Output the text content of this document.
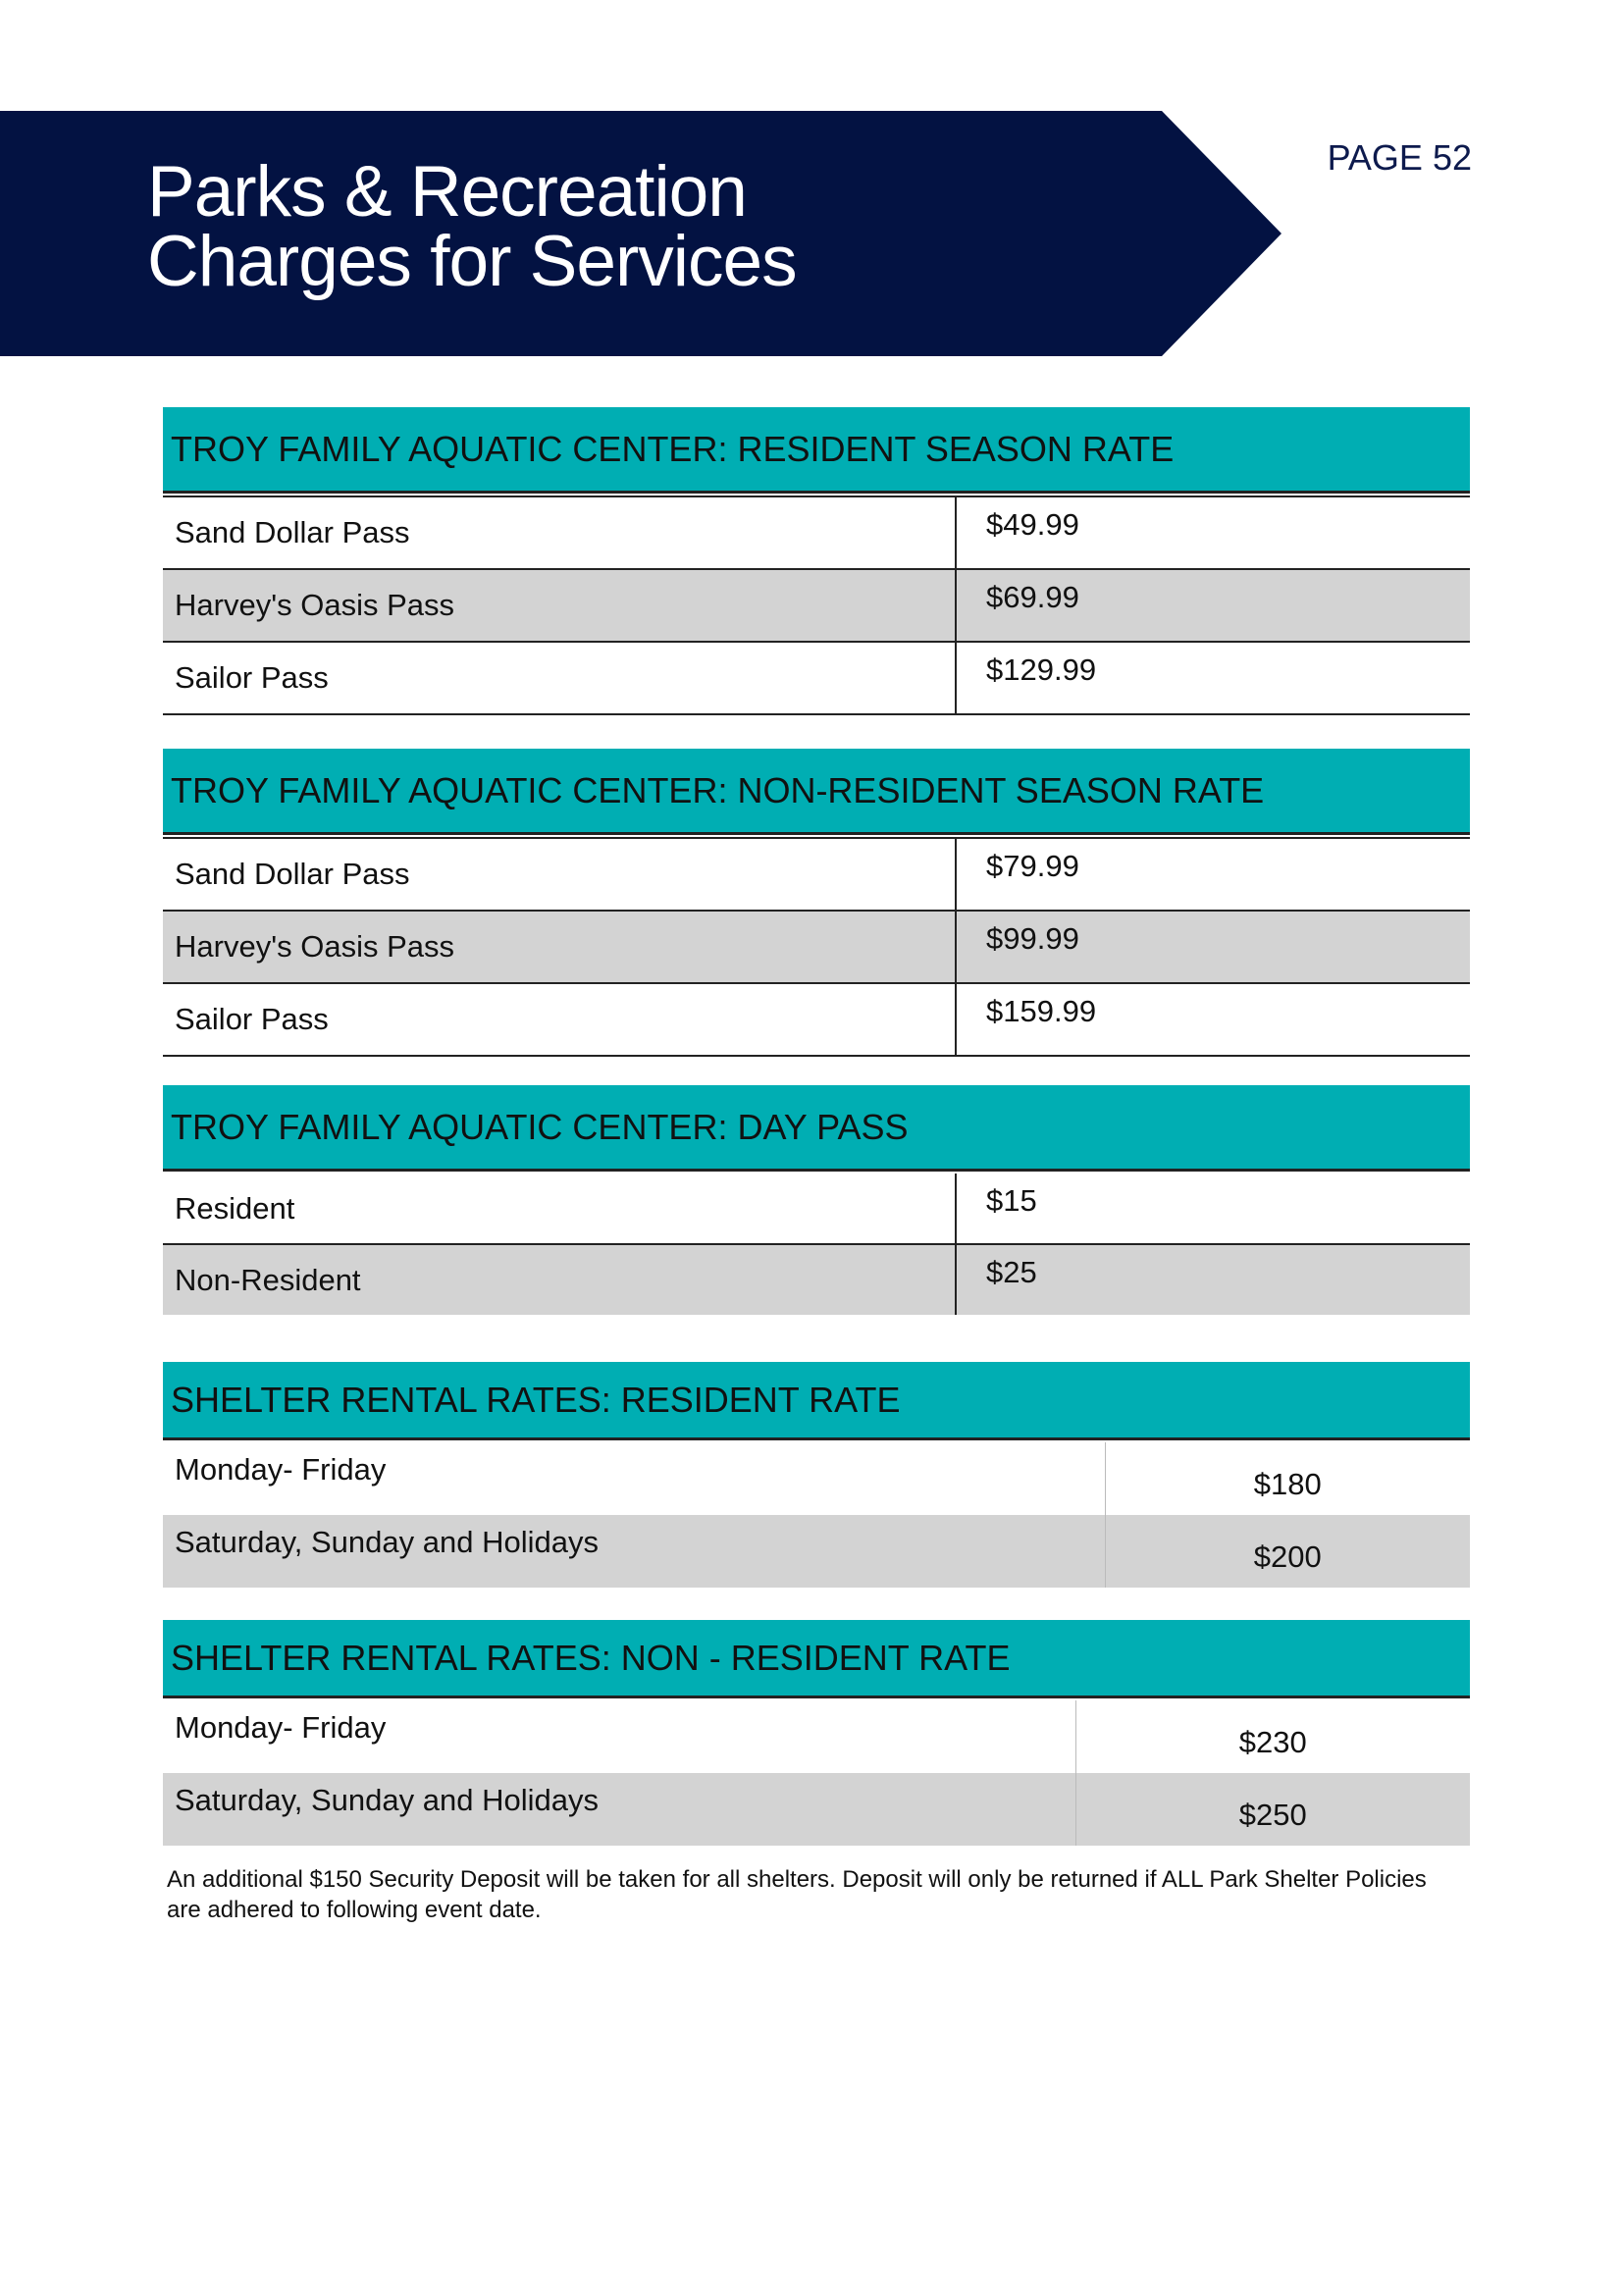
Parks & Recreation
Charges for Services
PAGE 52
TROY FAMILY AQUATIC CENTER: RESIDENT SEASON RATE
Sand Dollar Pass	$49.99
Harvey's Oasis Pass	$69.99
Sailor Pass	$129.99
TROY FAMILY AQUATIC CENTER: NON-RESIDENT SEASON RATE
Sand Dollar Pass	$79.99
Harvey's Oasis Pass	$99.99
Sailor Pass	$159.99
TROY FAMILY AQUATIC CENTER: DAY PASS
Resident	$15
Non-Resident	$25
SHELTER RENTAL RATES: RESIDENT RATE
Monday- Friday	$180
Saturday, Sunday and Holidays	$200
SHELTER RENTAL RATES: NON - RESIDENT RATE
Monday- Friday	$230
Saturday, Sunday and Holidays	$250

An additional $150 Security Deposit will be taken for all shelters. Deposit will only be returned if ALL Park Shelter Policies are adhered to following event date.
